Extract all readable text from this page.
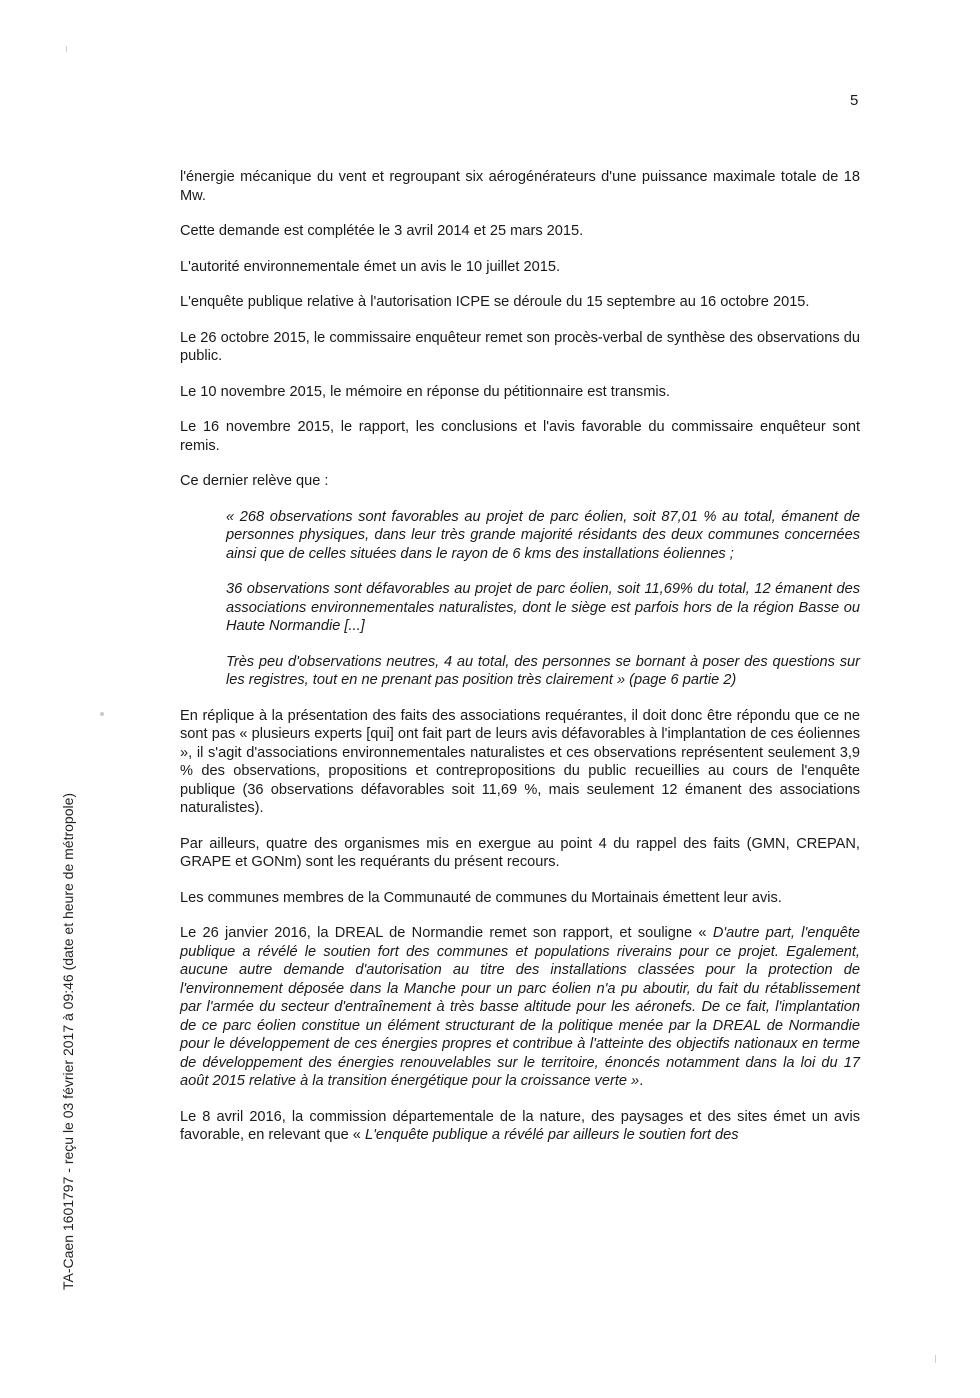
5
TA-Caen 1601797 - reçu le 03 février 2017 à 09:46 (date et heure de métropole)

l'énergie mécanique du vent et regroupant six aérogénérateurs d'une puissance maximale totale de 18 Mw.

Cette demande est complétée le 3 avril 2014 et 25 mars 2015.

L'autorité environnementale émet un avis le 10 juillet 2015.

L'enquête publique relative à l'autorisation ICPE se déroule du 15 septembre au 16 octobre 2015.

Le 26 octobre 2015, le commissaire enquêteur remet son procès-verbal de synthèse des observations du public.

Le 10 novembre 2015, le mémoire en réponse du pétitionnaire est transmis.

Le 16 novembre 2015, le rapport, les conclusions et l'avis favorable du commissaire enquêteur sont remis.

Ce dernier relève que :

« 268 observations sont favorables au projet de parc éolien, soit 87,01 % au total, émanent de personnes physiques, dans leur très grande majorité résidants des deux communes concernées ainsi que de celles situées dans le rayon de 6 kms des installations éoliennes ;

36 observations sont défavorables au projet de parc éolien, soit 11,69% du total, 12 émanent des associations environnementales naturalistes, dont le siège est parfois hors de la région Basse ou Haute Normandie [...]

Très peu d'observations neutres, 4 au total, des personnes se bornant à poser des questions sur les registres, tout en ne prenant pas position très clairement » (page 6 partie 2)

En réplique à la présentation des faits des associations requérantes, il doit donc être répondu que ce ne sont pas « plusieurs experts [qui] ont fait part de leurs avis défavorables à l'implantation de ces éoliennes », il s'agit d'associations environnementales naturalistes et ces observations représentent seulement 3,9 % des observations, propositions et contrepropositions du public recueillies au cours de l'enquête publique (36 observations défavorables soit 11,69 %, mais seulement 12 émanent des associations naturalistes).

Par ailleurs, quatre des organismes mis en exergue au point 4 du rappel des faits (GMN, CREPAN, GRAPE et GONm) sont les requérants du présent recours.

Les communes membres de la Communauté de communes du Mortainais émettent leur avis.

Le 26 janvier 2016, la DREAL de Normandie remet son rapport, et souligne « D'autre part, l'enquête publique a révélé le soutien fort des communes et populations riverains pour ce projet. Egalement, aucune autre demande d'autorisation au titre des installations classées pour la protection de l'environnement déposée dans la Manche pour un parc éolien n'a pu aboutir, du fait du rétablissement par l'armée du secteur d'entraînement à très basse altitude pour les aéronefs. De ce fait, l'implantation de ce parc éolien constitue un élément structurant de la politique menée par la DREAL de Normandie pour le développement de ces énergies propres et contribue à l'atteinte des objectifs nationaux en terme de développement des énergies renouvelables sur le territoire, énoncés notamment dans la loi du 17 août 2015 relative à la transition énergétique pour la croissance verte ».

Le 8 avril 2016, la commission départementale de la nature, des paysages et des sites émet un avis favorable, en relevant que « L'enquête publique a révélé par ailleurs le soutien fort des
